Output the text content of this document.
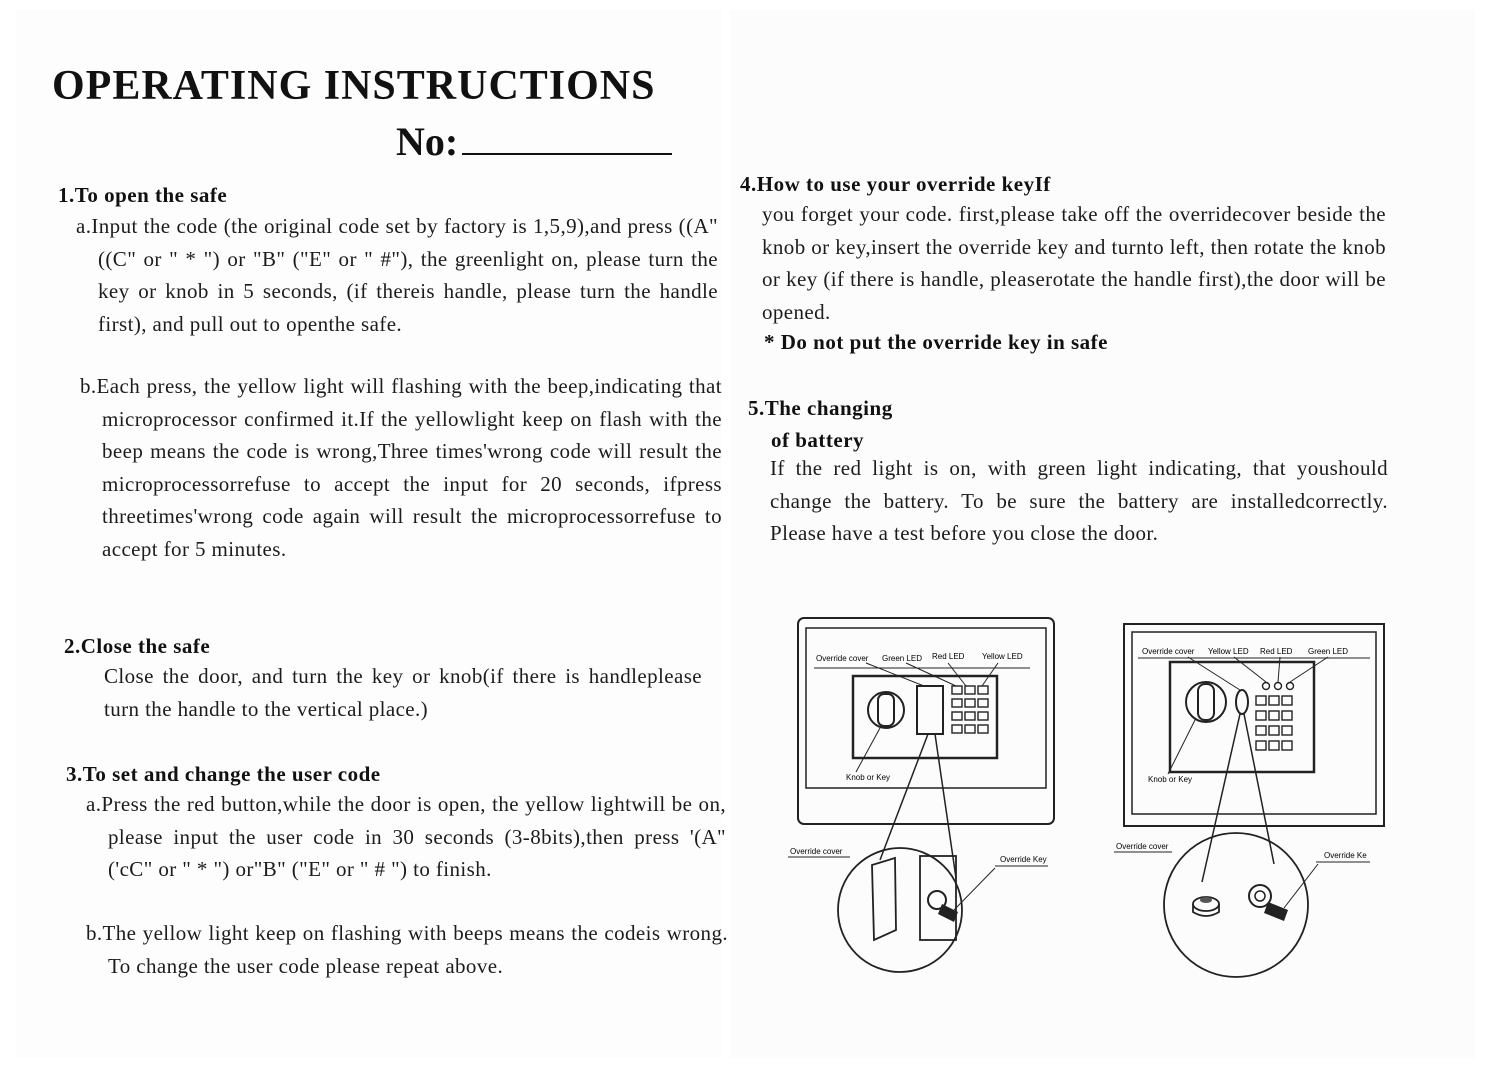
OPERATING INSTRUCTIONS
No:
1.To open the safe
a.Input the code (the original code set by factory is 1,5,9),and press ((A" ((C" or " * ") or "B" ("E" or " #"), the greenlight on, please turn the key or knob in 5 seconds, (if thereis handle, please turn the handle first), and pull out to openthe safe.
b.Each press, the yellow light will flashing with the beep,indicating that microprocessor confirmed it.If the yellowlight keep on flash with the beep means the code is wrong,Three times'wrong code will result the microprocessorrefuse to accept the input for 20 seconds, ifpress threetimes'wrong code again will result the microprocessorrefuse to accept for 5 minutes.
2.Close the safe
Close the door, and turn the key or knob(if there is handleplease turn the handle to the vertical place.)
3.To set and change the user code
a.Press the red button,while the door is open, the yellow lightwill be on, please input the user code in 30 seconds (3-8bits),then press '(A" ('cC" or " * ") or"B" ("E" or " # ") to finish.
b.The yellow light keep on flashing with beeps means the codeis wrong. To change the user code please repeat above.
4.How to use your override keyIf
you forget your code. first,please take off the overridecover beside the knob or key,insert the override key and turnto left, then rotate the knob or key (if there is handle, pleaserotate the handle first),the door will be opened.
* Do not put the override key in safe
5.The changing
of battery
If the red light is on, with green light indicating, that youshould change the battery. To be sure the battery are installedcorrectly. Please have a test before you close the door.
Override cover Green LED Red LED Yellow LED
Knob or Key
Override cover
Override Key
Override cover Yellow LED Red LED Green LED
Knob or Key
Override cover
Override Ke
